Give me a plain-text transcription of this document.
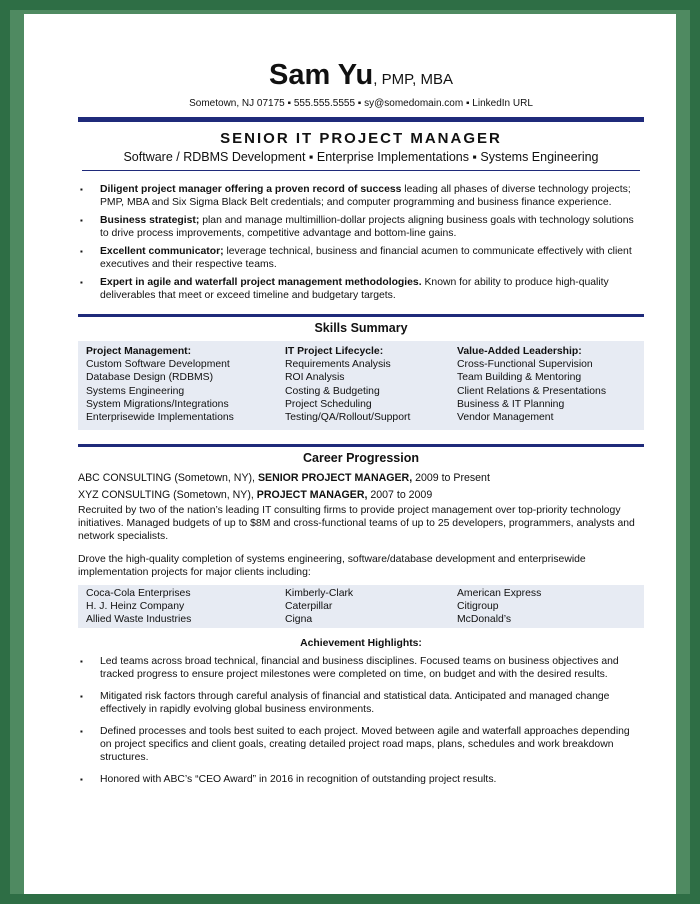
Sam Yu, PMP, MBA
Sometown, NJ 07175 ▪ 555.555.5555 ▪ sy@somedomain.com ▪ LinkedIn URL
SENIOR IT PROJECT MANAGER
Software / RDBMS Development ▪ Enterprise Implementations ▪ Systems Engineering
▪ Diligent project manager offering a proven record of success leading all phases of diverse technology projects; PMP, MBA and Six Sigma Black Belt credentials; and computer programming and business finance experience.
▪ Business strategist; plan and manage multimillion-dollar projects aligning business goals with technology solutions to drive process improvements, competitive advantage and bottom-line gains.
▪ Excellent communicator; leverage technical, business and financial acumen to communicate effectively with client executives and their respective teams.
▪ Expert in agile and waterfall project management methodologies. Known for ability to produce high-quality deliverables that meet or exceed timeline and budgetary targets.
Skills Summary
Project Management:
Custom Software Development
Database Design (RDBMS)
Systems Engineering
System Migrations/Integrations
Enterprisewide Implementations
IT Project Lifecycle:
Requirements Analysis
ROI Analysis
Costing & Budgeting
Project Scheduling
Testing/QA/Rollout/Support
Value-Added Leadership:
Cross-Functional Supervision
Team Building & Mentoring
Client Relations & Presentations
Business & IT Planning
Vendor Management
Career Progression
ABC CONSULTING (Sometown, NY), SENIOR PROJECT MANAGER, 2009 to Present
XYZ CONSULTING (Sometown, NY), PROJECT MANAGER, 2007 to 2009
Recruited by two of the nation’s leading IT consulting firms to provide project management over top-priority technology initiatives. Managed budgets of up to $8M and cross-functional teams of up to 25 developers, programmers, analysts and network specialists.
Drove the high-quality completion of systems engineering, software/database development and enterprisewide implementation projects for major clients including:
Coca-Cola Enterprises
H. J. Heinz Company
Allied Waste Industries
Kimberly-Clark
Caterpillar
Cigna
American Express
Citigroup
McDonald’s
Achievement Highlights:
▪ Led teams across broad technical, financial and business disciplines. Focused teams on business objectives and tracked progress to ensure project milestones were completed on time, on budget and with the desired results.
▪ Mitigated risk factors through careful analysis of financial and statistical data. Anticipated and managed change effectively in rapidly evolving global business environments.
▪ Defined processes and tools best suited to each project. Moved between agile and waterfall approaches depending on project specifics and client goals, creating detailed project road maps, plans, schedules and work breakdown structures.
▪ Honored with ABC’s “CEO Award” in 2016 in recognition of outstanding project results.
